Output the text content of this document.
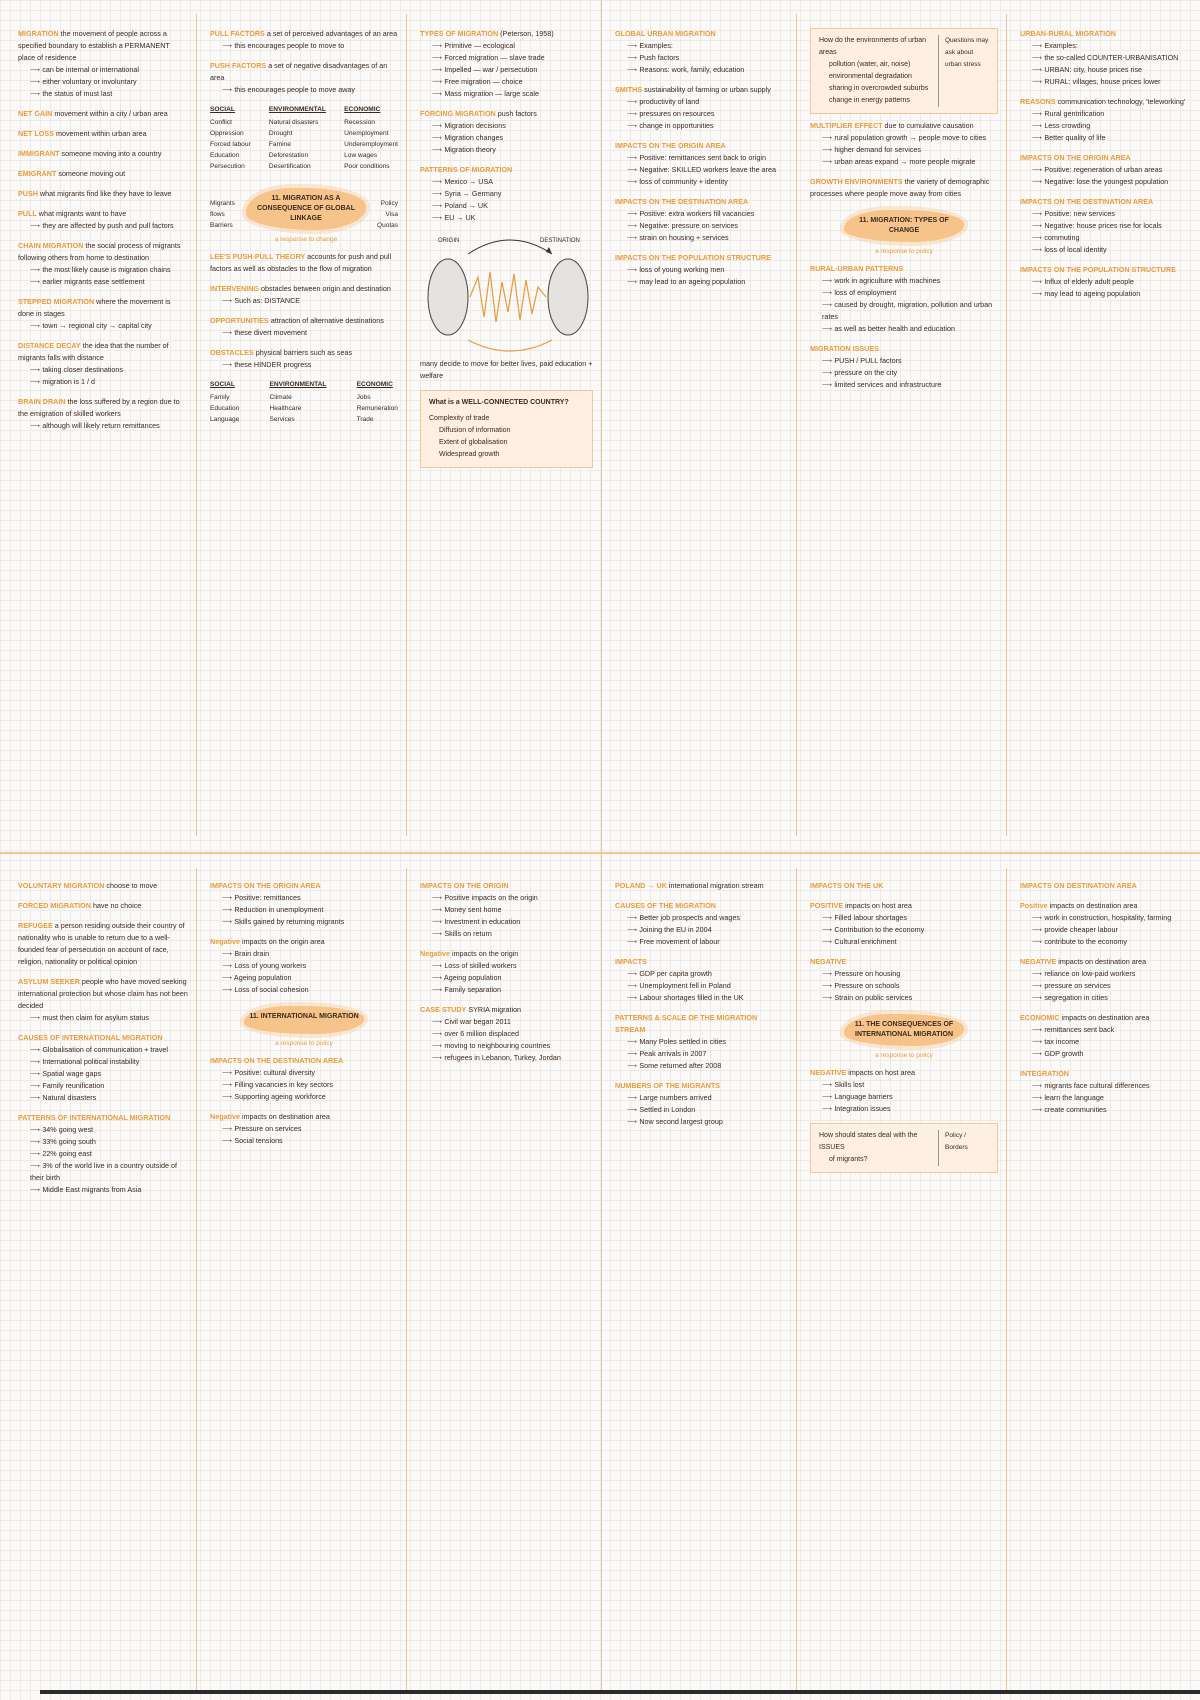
MIGRATION the movement of people across a specified boundary to establish a PERMANENT place of residence
⟶ can be internal or international
⟶ either voluntary or involuntary
⟶ the status of must last
NET GAIN movement within a city / urban area
NET LOSS movement within urban area
IMMIGRANT someone moving into a country
EMIGRANT someone moving out
PUSH what migrants find like they have to leave
PULL what migrants want to have
⟶ they are affected by push and pull factors
CHAIN MIGRATION the social process of migrants following others from home to destination
⟶ the most likely cause is migration chains
⟶ earlier migrants ease settlement
STEPPED MIGRATION where the movement is done in stages
⟶ town → regional city → capital city
DISTANCE DECAY the idea that the number of migrants falls with distance
⟶ taking closer destinations
⟶ migration is 1 / d
BRAIN DRAIN the loss suffered by a region due to the emigration of skilled workers
⟶ although will likely return remittances
PULL FACTORS a set of perceived advantages of an area
⟶ this encourages people to move to
PUSH FACTORS a set of negative disadvantages of an area
⟶ this encourages people to move away
SOCIAL
Conflict
Oppression
Forced labour
Education
Persecution
ENVIRONMENTAL
Natural disasters
Drought
Famine
Deforestation
Desertification
ECONOMIC
Recession
Unemployment
Underemployment
Low wages
Poor conditions
Migrants
flows
Barriers
11. MIGRATION AS A CONSEQUENCE OF GLOBAL LINKAGE
a response to change
Policy
Visa
Quotas
LEE'S PUSH-PULL THEORY accounts for push and pull factors as well as obstacles to the flow of migration
INTERVENING obstacles between origin and destination
⟶ Such as: DISTANCE
OPPORTUNITIES attraction of alternative destinations
⟶ these divert movement
OBSTACLES physical barriers such as seas
⟶ these HINDER progress
SOCIAL
Family
Education
Language
ENVIRONMENTAL
Climate
Healthcare
Services
ECONOMIC
Jobs
Remuneration
Trade
TYPES OF MIGRATION (Peterson, 1958)
⟶ Primitive — ecological
⟶ Forced migration — slave trade
⟶ Impelled — war / persecution
⟶ Free migration — choice
⟶ Mass migration — large scale
FORCING MIGRATION push factors
⟶ Migration decisions
⟶ Migration changes
⟶ Migration theory
PATTERNS OF MIGRATION
⟶ Mexico → USA
⟶ Syria → Germany
⟶ Poland → UK
⟶ EU → UK
ORIGIN	DESTINATION
many decide to move for better lives, paid education + welfare
What is a WELL-CONNECTED COUNTRY?
Complexity of trade
Diffusion of information
Extent of globalisation
Widespread growth
GLOBAL URBAN MIGRATION
⟶ Examples:
⟶ Push factors
⟶ Reasons: work, family, education
SMITHS sustainability of farming or urban supply
⟶ productivity of land
⟶ pressures on resources
⟶ change in opportunities
IMPACTS ON THE ORIGIN AREA
⟶ Positive: remittances sent back to origin
⟶ Negative: SKILLED workers leave the area
⟶ loss of community + identity
IMPACTS ON THE DESTINATION AREA
⟶ Positive: extra workers fill vacancies
⟶ Negative: pressure on services
⟶ strain on housing + services
IMPACTS ON THE POPULATION STRUCTURE
⟶ loss of young working men
⟶ may lead to an ageing population
How do the environments of urban areas
pollution (water, air, noise)
environmental degradation
sharing in overcrowded suburbs
change in energy patterns
Questions may ask about urban stress
MULTIPLIER EFFECT due to cumulative causation
⟶ rural population growth → people move to cities
⟶ higher demand for services
⟶ urban areas expand → more people migrate
GROWTH ENVIRONMENTS the variety of demographic processes where people move away from cities
11. MIGRATION: TYPES OF CHANGE
a response to policy
RURAL-URBAN PATTERNS
⟶ work in agriculture with machines
⟶ loss of employment
⟶ caused by drought, migration, pollution and urban rates
⟶ as well as better health and education
MIGRATION ISSUES
⟶ PUSH / PULL factors
⟶ pressure on the city
⟶ limited services and infrastructure
URBAN-RURAL MIGRATION
⟶ Examples:
⟶ the so-called COUNTER-URBANISATION
⟶ URBAN: city, house prices rise
⟶ RURAL: villages, house prices lower
REASONS communication technology, 'teleworking'
⟶ Rural gentrification
⟶ Less crowding
⟶ Better quality of life
IMPACTS ON THE ORIGIN AREA
⟶ Positive: regeneration of urban areas
⟶ Negative: lose the youngest population
IMPACTS ON THE DESTINATION AREA
⟶ Positive: new services
⟶ Negative: house prices rise for locals
⟶ commuting
⟶ loss of local identity
IMPACTS ON THE POPULATION STRUCTURE
⟶ Influx of elderly adult people
⟶ may lead to ageing population
VOLUNTARY MIGRATION choose to move
FORCED MIGRATION have no choice
REFUGEE a person residing outside their country of nationality who is unable to return due to a well-founded fear of persecution on account of race, religion, nationality or political opinion
ASYLUM SEEKER people who have moved seeking international protection but whose claim has not been decided
⟶ must then claim for asylum status
CAUSES OF INTERNATIONAL MIGRATION
⟶ Globalisation of communication + travel
⟶ International political instability
⟶ Spatial wage gaps
⟶ Family reunification
⟶ Natural disasters
PATTERNS OF INTERNATIONAL MIGRATION
⟶ 34% going west
⟶ 33% going south
⟶ 22% going east
⟶ 3% of the world live in a country outside of their birth
⟶ Middle East migrants from Asia
IMPACTS ON THE ORIGIN AREA
⟶ Positive: remittances
⟶ Reduction in unemployment
⟶ Skills gained by returning migrants
Negative impacts on the origin area
⟶ Brain drain
⟶ Loss of young workers
⟶ Ageing population
⟶ Loss of social cohesion
11. INTERNATIONAL MIGRATION
a response to policy
IMPACTS ON THE DESTINATION AREA
⟶ Positive: cultural diversity
⟶ Filling vacancies in key sectors
⟶ Supporting ageing workforce
Negative impacts on destination area
⟶ Pressure on services
⟶ Social tensions
IMPACTS ON THE ORIGIN
⟶ Positive impacts on the origin
⟶ Money sent home
⟶ Investment in education
⟶ Skills on return
Negative impacts on the origin
⟶ Loss of skilled workers
⟶ Ageing population
⟶ Family separation
CASE STUDY SYRIA migration
⟶ Civil war began 2011
⟶ over 6 million displaced
⟶ moving to neighbouring countries
⟶ refugees in Lebanon, Turkey, Jordan
POLAND → UK international migration stream
CAUSES OF THE MIGRATION
⟶ Better job prospects and wages
⟶ Joining the EU in 2004
⟶ Free movement of labour
IMPACTS
⟶ GDP per capita growth
⟶ Unemployment fell in Poland
⟶ Labour shortages filled in the UK
PATTERNS & SCALE OF THE MIGRATION STREAM
⟶ Many Poles settled in cities
⟶ Peak arrivals in 2007
⟶ Some returned after 2008
NUMBERS OF THE MIGRANTS
⟶ Large numbers arrived
⟶ Settled in London
⟶ Now second largest group
IMPACTS ON THE UK
POSITIVE impacts on host area
⟶ Filled labour shortages
⟶ Contribution to the economy
⟶ Cultural enrichment
NEGATIVE
⟶ Pressure on housing
⟶ Pressure on schools
⟶ Strain on public services
11. THE CONSEQUENCES OF INTERNATIONAL MIGRATION
a response to policy
NEGATIVE impacts on host area
⟶ Skills lost
⟶ Language barriers
⟶ Integration issues
How should states deal with the ISSUES
of migrants?
Policy / Borders
IMPACTS ON DESTINATION AREA
Positive impacts on destination area
⟶ work in construction, hospitality, farming
⟶ provide cheaper labour
⟶ contribute to the economy
NEGATIVE impacts on destination area
⟶ reliance on low-paid workers
⟶ pressure on services
⟶ segregation in cities
ECONOMIC impacts on destination area
⟶ remittances sent back
⟶ tax income
⟶ GDP growth
INTEGRATION
⟶ migrants face cultural differences
⟶ learn the language
⟶ create communities
